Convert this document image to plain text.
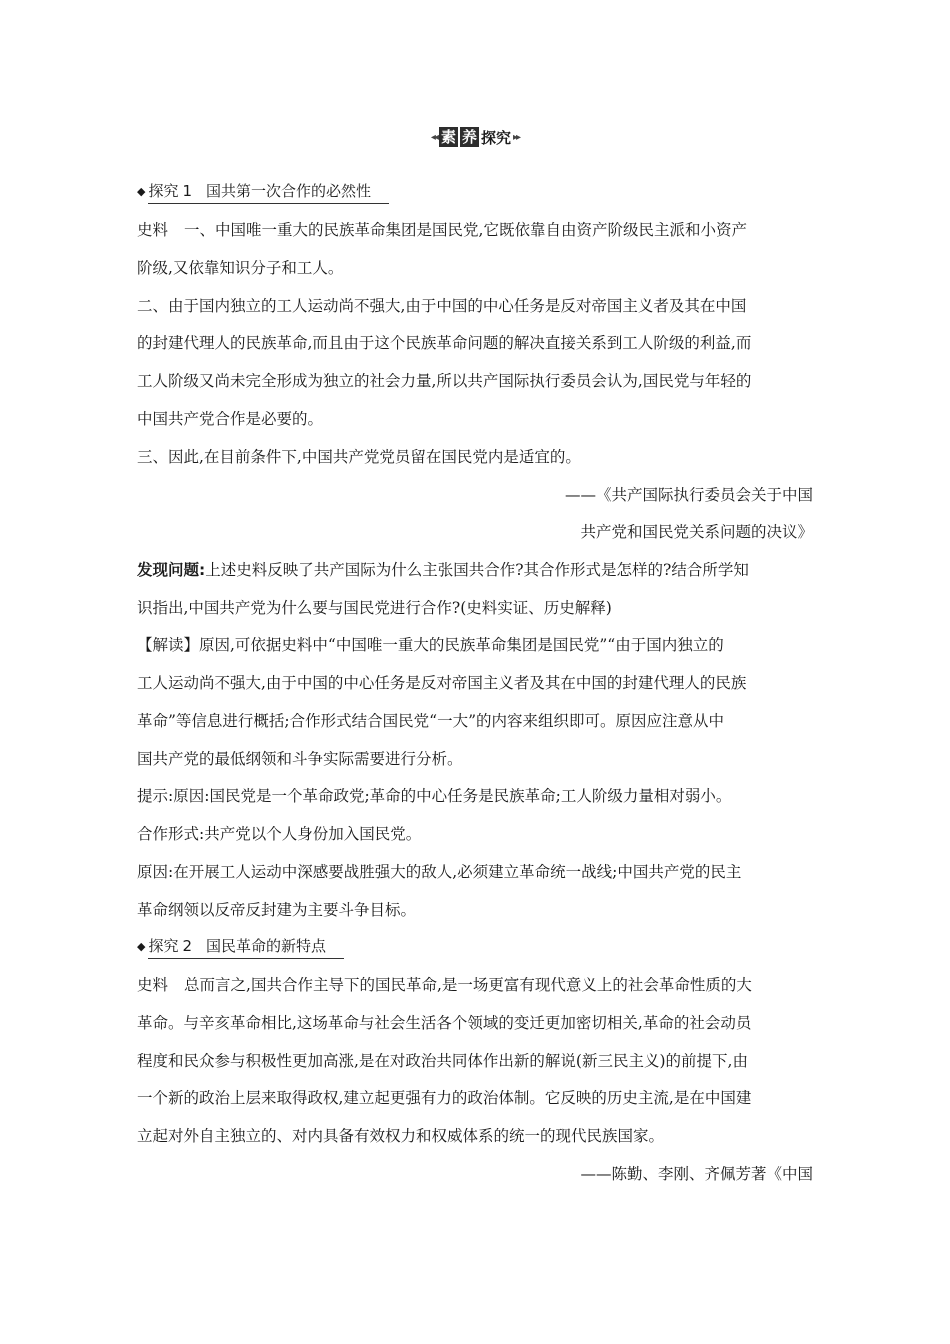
◂◂ 素 养 探究 ▸▸
◆ 探究 1 国共第一次合作的必然性
史料 一、中国唯一重大的民族革命集团是国民党,它既依靠自由资产阶级民主派和小资产
阶级,又依靠知识分子和工人。
二、由于国内独立的工人运动尚不强大,由于中国的中心任务是反对帝国主义者及其在中国
的封建代理人的民族革命,而且由于这个民族革命问题的解决直接关系到工人阶级的利益,而
工人阶级又尚未完全形成为独立的社会力量,所以共产国际执行委员会认为,国民党与年轻的
中国共产党合作是必要的。
三、因此,在目前条件下,中国共产党党员留在国民党内是适宜的。
——《共产国际执行委员会关于中国
共产党和国民党关系问题的决议》
发现问题:上述史料反映了共产国际为什么主张国共合作?其合作形式是怎样的?结合所学知
识指出,中国共产党为什么要与国民党进行合作?(史料实证、历史解释)
【解读】原因,可依据史料中“中国唯一重大的民族革命集团是国民党”“由于国内独立的
工人运动尚不强大,由于中国的中心任务是反对帝国主义者及其在中国的封建代理人的民族
革命”等信息进行概括;合作形式结合国民党“一大”的内容来组织即可。原因应注意从中
国共产党的最低纲领和斗争实际需要进行分析。
提示:原因:国民党是一个革命政党;革命的中心任务是民族革命;工人阶级力量相对弱小。
合作形式:共产党以个人身份加入国民党。
原因:在开展工人运动中深感要战胜强大的敌人,必须建立革命统一战线;中国共产党的民主
革命纲领以反帝反封建为主要斗争目标。
◆ 探究 2 国民革命的新特点
史料 总而言之,国共合作主导下的国民革命,是一场更富有现代意义上的社会革命性质的大
革命。与辛亥革命相比,这场革命与社会生活各个领域的变迁更加密切相关,革命的社会动员
程度和民众参与积极性更加高涨,是在对政治共同体作出新的解说(新三民主义)的前提下,由
一个新的政治上层来取得政权,建立起更强有力的政治体制。它反映的历史主流,是在中国建
立起对外自主独立的、对内具备有效权力和权威体系的统一的现代民族国家。
——陈勤、李刚、齐佩芳著《中国
